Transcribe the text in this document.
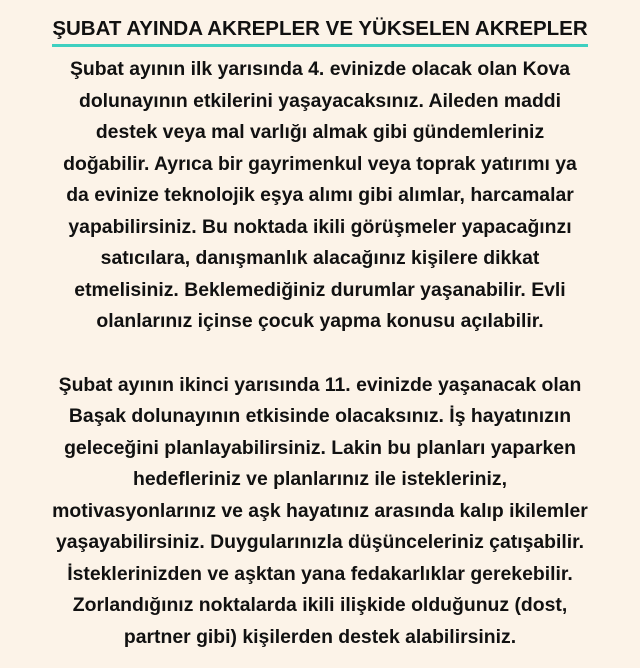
ŞUBAT AYINDA AKREPLER VE YÜKSELEN AKREPLER
Şubat ayının ilk yarısında 4. evinizde olacak olan Kova
dolunayının etkilerini yaşayacaksınız. Aileden maddi
destek veya mal varlığı almak gibi gündemleriniz
doğabilir. Ayrıca bir gayrimenkul veya toprak yatırımı ya
da evinize teknolojik eşya alımı gibi alımlar, harcamalar
yapabilirsiniz. Bu noktada ikili görüşmeler yapacağınzı
satıcılara, danışmanlık alacağınız kişilere dikkat
etmelisiniz. Beklemediğiniz durumlar yaşanabilir. Evli
olanlarınız içinse çocuk yapma konusu açılabilir.
Şubat ayının ikinci yarısında 11. evinizde yaşanacak olan
Başak dolunayının etkisinde olacaksınız. İş hayatınızın
geleceğini planlayabilirsiniz. Lakin bu planları yaparken
hedefleriniz ve planlarınız ile istekleriniz,
motivasyonlarınız ve aşk hayatınız arasında kalıp ikilemler
yaşayabilirsiniz. Duygularınızla düşünceleriniz çatışabilir.
İsteklerinizden ve aşktan yana fedakarlıklar gerekebilir.
Zorlandığınız noktalarda ikili ilişkide olduğunuz (dost,
partner gibi) kişilerden destek alabilirsiniz.
